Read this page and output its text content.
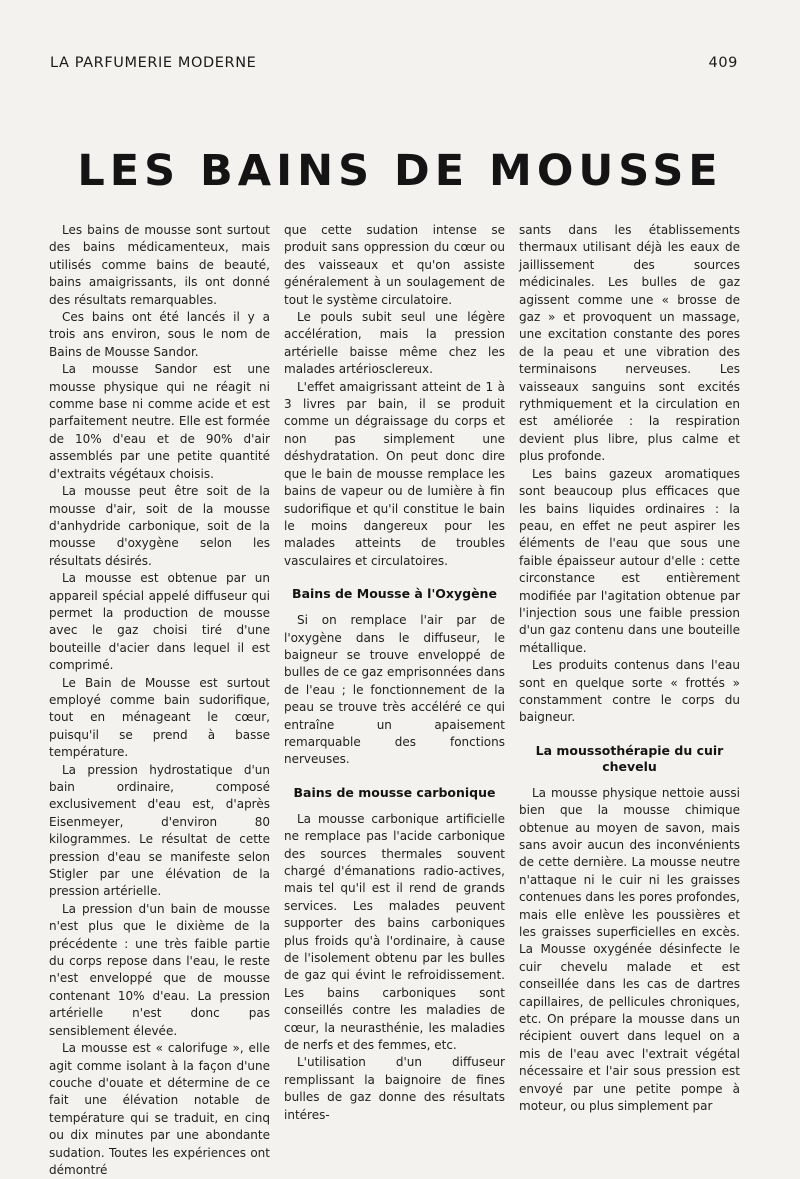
LA PARFUMERIE MODERNE	409
LES BAINS DE MOUSSE

Les bains de mousse sont surtout des bains médicamenteux, mais utilisés comme bains de beauté, bains amaigrissants, ils ont donné des résultats remarquables.

Ces bains ont été lancés il y a trois ans environ, sous le nom de Bains de Mousse Sandor.

La mousse Sandor est une mousse physique qui ne réagit ni comme base ni comme acide et est parfaitement neutre. Elle est formée de 10% d'eau et de 90% d'air assemblés par une petite quantité d'extraits végétaux choisis.

La mousse peut être soit de la mousse d'air, soit de la mousse d'anhydride carbonique, soit de la mousse d'oxygène selon les résultats désirés.

La mousse est obtenue par un appareil spécial appelé diffuseur qui permet la production de mousse avec le gaz choisi tiré d'une bouteille d'acier dans lequel il est comprimé.

Le Bain de Mousse est surtout employé comme bain sudorifique, tout en ménageant le cœur, puisqu'il se prend à basse température.

La pression hydrostatique d'un bain ordinaire, composé exclusivement d'eau est, d'après Eisenmeyer, d'environ 80 kilogrammes. Le résultat de cette pression d'eau se manifeste selon Stigler par une élévation de la pression artérielle.

La pression d'un bain de mousse n'est plus que le dixième de la précédente : une très faible partie du corps repose dans l'eau, le reste n'est enveloppé que de mousse contenant 10% d'eau. La pression artérielle n'est donc pas sensiblement élevée.

La mousse est « calorifuge », elle agit comme isolant à la façon d'une couche d'ouate et détermine de ce fait une élévation notable de température qui se traduit, en cinq ou dix minutes par une abondante sudation. Toutes les expériences ont démontré

que cette sudation intense se produit sans oppression du cœur ou des vaisseaux et qu'on assiste généralement à un soulagement de tout le système circulatoire.

Le pouls subit seul une légère accélération, mais la pression artérielle baisse même chez les malades artériosclereux.

L'effet amaigrissant atteint de 1 à 3 livres par bain, il se produit comme un dégraissage du corps et non pas simplement une déshydratation. On peut donc dire que le bain de mousse remplace les bains de vapeur ou de lumière à fin sudorifique et qu'il constitue le bain le moins dangereux pour les malades atteints de troubles vasculaires et circulatoires.

Bains de Mousse à l'Oxygène

Si on remplace l'air par de l'oxygène dans le diffuseur, le baigneur se trouve enveloppé de bulles de ce gaz emprisonnées dans de l'eau ; le fonctionnement de la peau se trouve très accéléré ce qui entraîne un apaisement remarquable des fonctions nerveuses.

Bains de mousse carbonique

La mousse carbonique artificielle ne remplace pas l'acide carbonique des sources thermales souvent chargé d'émanations radio-actives, mais tel qu'il est il rend de grands services. Les malades peuvent supporter des bains carboniques plus froids qu'à l'ordinaire, à cause de l'isolement obtenu par les bulles de gaz qui évint le refroidissement. Les bains carboniques sont conseillés contre les maladies de cœur, la neurasthénie, les maladies de nerfs et des femmes, etc.

L'utilisation d'un diffuseur remplissant la baignoire de fines bulles de gaz donne des résultats intéres-

sants dans les établissements thermaux utilisant déjà les eaux de jaillissement des sources médicinales. Les bulles de gaz agissent comme une « brosse de gaz » et provoquent un massage, une excitation constante des pores de la peau et une vibration des terminaisons nerveuses. Les vaisseaux sanguins sont excités rythmiquement et la circulation en est améliorée : la respiration devient plus libre, plus calme et plus profonde.

Les bains gazeux aromatiques sont beaucoup plus efficaces que les bains liquides ordinaires : la peau, en effet ne peut aspirer les éléments de l'eau que sous une faible épaisseur autour d'elle : cette circonstance est entièrement modifiée par l'agitation obtenue par l'injection sous une faible pression d'un gaz contenu dans une bouteille métallique.

Les produits contenus dans l'eau sont en quelque sorte « frottés » constamment contre le corps du baigneur.

La moussothérapie du cuir chevelu

La mousse physique nettoie aussi bien que la mousse chimique obtenue au moyen de savon, mais sans avoir aucun des inconvénients de cette dernière. La mousse neutre n'attaque ni le cuir ni les graisses contenues dans les pores profondes, mais elle enlève les poussières et les graisses superficielles en excès. La Mousse oxygénée désinfecte le cuir chevelu malade et est conseillée dans les cas de dartres capillaires, de pellicules chroniques, etc. On prépare la mousse dans un récipient ouvert dans lequel on a mis de l'eau avec l'extrait végétal nécessaire et l'air sous pression est envoyé par une petite pompe à moteur, ou plus simplement par
